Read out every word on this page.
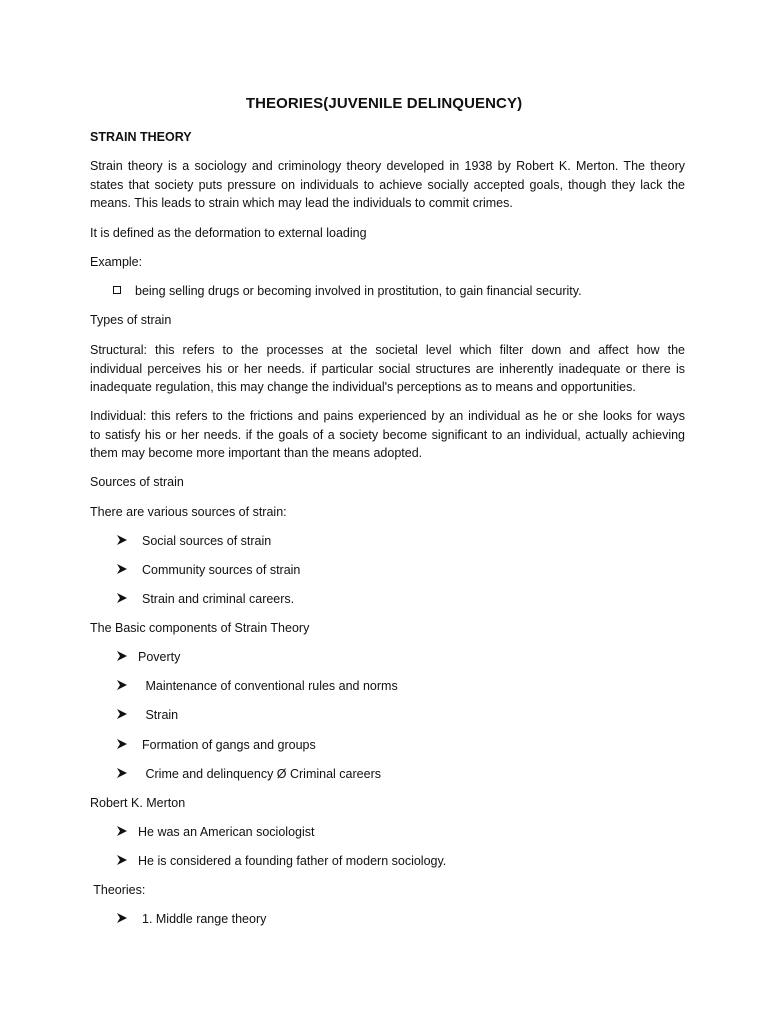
THEORIES(JUVENILE DELINQUENCY)
STRAIN THEORY
Strain theory is a sociology and criminology theory developed in 1938 by Robert K. Merton. The theory
states that society puts pressure on individuals to achieve socially accepted goals, though they lack the
means. This leads to strain which may lead the individuals to commit crimes.
It is defined as the deformation to external loading
Example:
being selling drugs or becoming involved in prostitution, to gain financial security.
Types of strain
Structural: this refers to the processes at the societal level which filter down and affect how the
individual perceives his or her needs. if particular social structures are inherently inadequate or there is
inadequate regulation, this may change the individual's perceptions as to means and opportunities.
Individual: this refers to the frictions and pains experienced by an individual as he or she looks for ways
to satisfy his or her needs. if the goals of a society become significant to an individual, actually achieving
them may become more important than the means adopted.
Sources of strain
There are various sources of strain:
Social sources of strain
Community sources of strain
Strain and criminal careers.
The Basic components of Strain Theory
Poverty
Maintenance of conventional rules and norms
Strain
Formation of gangs and groups
Crime and delinquency Ø Criminal careers
Robert K. Merton
He was an American sociologist
He is considered a founding father of modern sociology.
Theories:
1. Middle range theory
